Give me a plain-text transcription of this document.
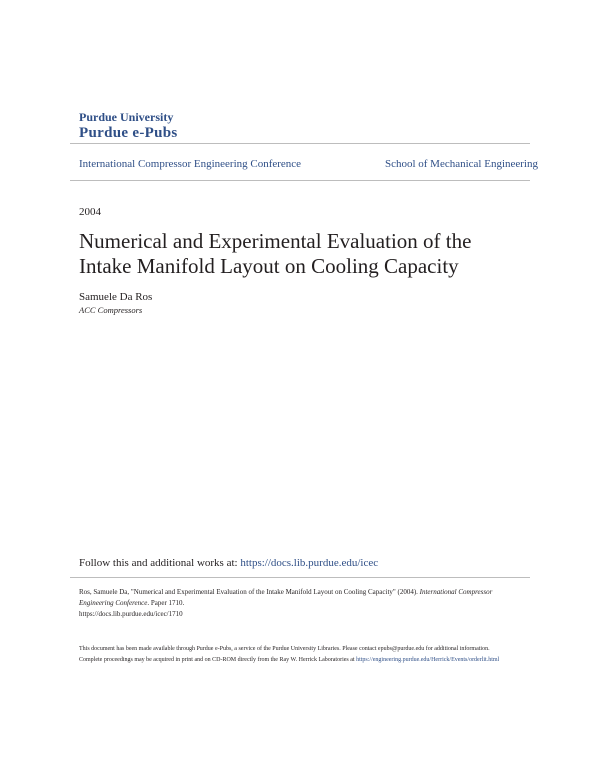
Purdue University
Purdue e-Pubs
International Compressor Engineering Conference	School of Mechanical Engineering
2004
Numerical and Experimental Evaluation of the Intake Manifold Layout on Cooling Capacity
Samuele Da Ros
ACC Compressors
Follow this and additional works at: https://docs.lib.purdue.edu/icec
Ros, Samuele Da, "Numerical and Experimental Evaluation of the Intake Manifold Layout on Cooling Capacity" (2004). International Compressor Engineering Conference. Paper 1710.
https://docs.lib.purdue.edu/icec/1710
This document has been made available through Purdue e-Pubs, a service of the Purdue University Libraries. Please contact epubs@purdue.edu for additional information.
Complete proceedings may be acquired in print and on CD-ROM directly from the Ray W. Herrick Laboratories at https://engineering.purdue.edu/Herrick/Events/orderlit.html
